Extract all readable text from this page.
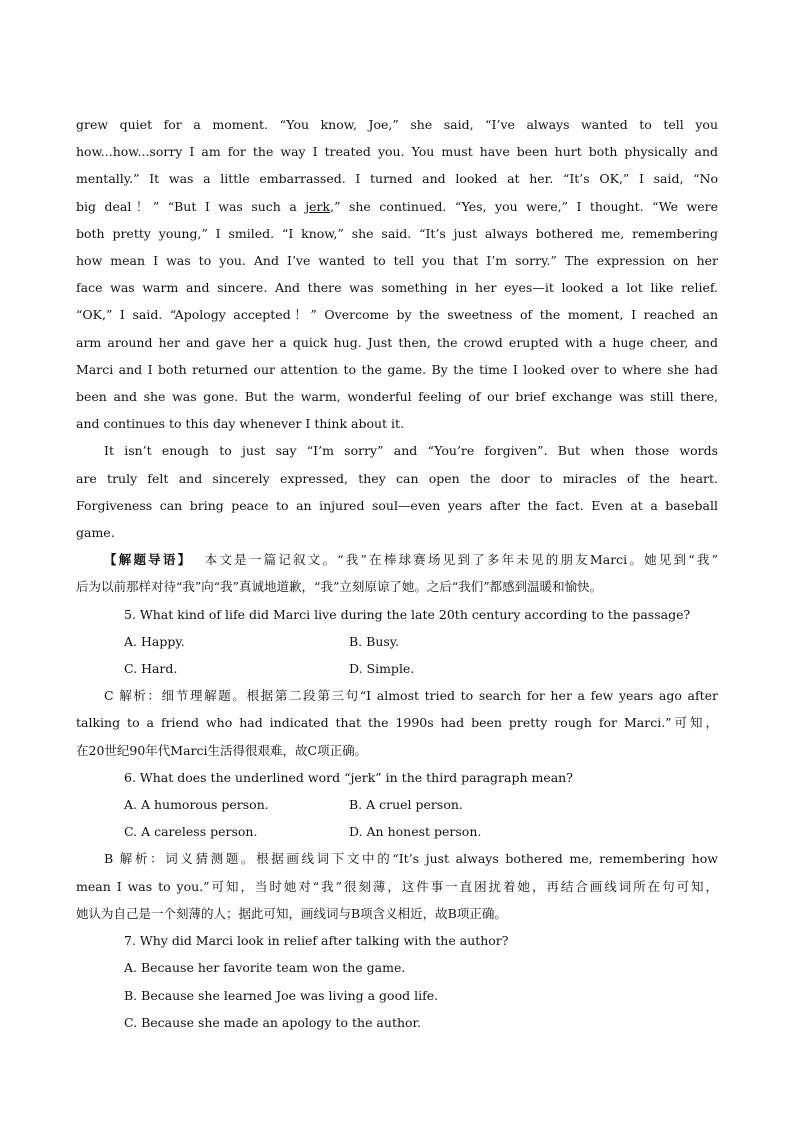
grew quiet for a moment. “You know, Joe,” she said, “I’ve always wanted to tell you

how...how...sorry I am for the way I treated you. You must have been hurt both physically and

mentally.” It was a little embarrassed. I turned and looked at her. “It’s OK,” I said, “No

big deal！” “But I was such a jerk,” she continued. “Yes, you were,” I thought. “We were

both pretty young,” I smiled. “I know,” she said. “It’s just always bothered me, remembering

how mean I was to you. And I’ve wanted to tell you that I’m sorry.” The expression on her

face was warm and sincere. And there was something in her eyes—it looked a lot like relief.

“OK,” I said. “Apology accepted！” Overcome by the sweetness of the moment, I reached an

arm around her and gave her a quick hug. Just then, the crowd erupted with a huge cheer, and

Marci and I both returned our attention to the game. By the time I looked over to where she had

been and she was gone. But the warm, wonderful feeling of our brief exchange was still there,

and continues to this day whenever I think about it.

It isn’t enough to just say “I’m sorry” and “You’re forgiven”. But when those words

are truly felt and sincerely expressed, they can open the door to miracles of the heart.

Forgiveness can bring peace to an injured soul—even years after the fact. Even at a baseball

game.

【解题导语】 本文是一篇记叙文。“我”在棒球赛场见到了多年未见的朋友Marci。她见到“我”

后为以前那样对待“我”向“我”真诚地道歉，“我”立刻原谅了她。之后“我们”都感到温暖和愉快。

5. What kind of life did Marci live during the late 20th century according to the passage?

A. Happy.	B. Busy.
C. Hard.	D. Simple.

C 解析：细节理解题。根据第二段第三句“I almost tried to search for her a few years ago after

talking to a friend who had indicated that the 1990s had been pretty rough for Marci.”可知，

在20世纪90年代Marci生活得很艰难，故C项正确。

6. What does the underlined word “jerk” in the third paragraph mean?

A. A humorous person.	B. A cruel person.
C. A careless person.	D. An honest person.

B 解析：词义猜测题。根据画线词下文中的“It’s just always bothered me, remembering how

mean I was to you.”可知，当时她对“我”很刻薄，这件事一直困扰着她，再结合画线词所在句可知，

她认为自己是一个刻薄的人；据此可知，画线词与B项含义相近，故B项正确。

7. Why did Marci look in relief after talking with the author?

A. Because her favorite team won the game.

B. Because she learned Joe was living a good life.

C. Because she made an apology to the author.
